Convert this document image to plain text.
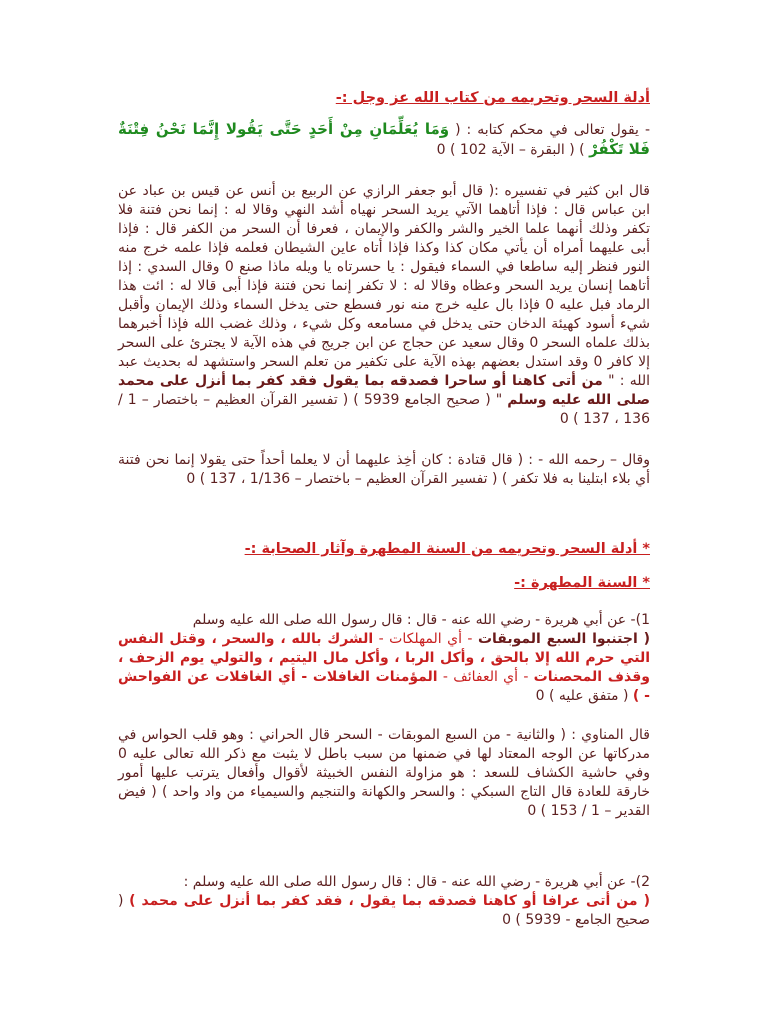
أدلة السحر وتحريمه من كتاب الله عز وجل :-

- يقول تعالى في محكم كتابه : ( وَمَا يُعَلِّمَانِ مِنْ أَحَدٍ حَتَّى يَقُولا إِنَّمَا نَحْنُ فِتْنَةٌ فَلا تَكْفُرْ ) ( البقرة – الآية 102 ) 0

قال ابن كثير في تفسيره :( قال أبو جعفر الرازي عن الربيع بن أنس عن قيس بن عباد عن ابن عباس قال : فإذا أتاهما الآتي يريد السحر نهياه أشد النهي وقالا له : إنما نحن فتنة فلا تكفر وذلك أنهما علما الخير والشر والكفر والإيمان ، فعرفا أن السحر من الكفر قال : فإذا أبى عليهما أمراه أن يأتي مكان كذا وكذا فإذا أتاه عاين الشيطان فعلمه فإذا علمه خرج منه النور فنظر إليه ساطعا في السماء فيقول : يا حسرتاه يا ويله ماذا صنع 0 وقال السدي : إذا أتاهما إنسان يريد السحر وعظاه وقالا له : لا تكفر إنما نحن فتنة فإذا أبى قالا له : ائت هذا الرماد فبل عليه 0 فإذا بال عليه خرج منه نور فسطع حتى يدخل السماء وذلك الإيمان وأقبل شيء أسود كهيئة الدخان حتى يدخل في مسامعه وكل شيء ، وذلك غضب الله فإذا أخبرهما بذلك علماه السحر 0 وقال سعيد عن حجاج عن ابن جريج في هذه الآية لا يجترئ على السحر إلا كافر 0 وقد استدل بعضهم بهذه الآية على تكفير من تعلم السحر واستشهد له بحديث عبد الله : " من أتى كاهنا أو ساحرا فصدقه بما يقول فقد كفر بما أنزل على محمد صلى الله عليه وسلم " ( صحيح الجامع 5939 ) ( تفسير القرآن العظيم – باختصار – 1 / 136 ، 137 ) 0

وقال – رحمه الله - : ( قال قتادة : كان أخِذ عليهما أن لا يعلما أحداً حتى يقولا إنما نحن فتنة أي بلاء ابتلينا به فلا تكفر ) ( تفسير القرآن العظيم – باختصار – 1/136 ، 137 ) 0

* أدلة السحر وتحريمه من السنة المطهرة وآثار الصحابة :-

* السنة المطهرة :-

1)- عن أبي هريرة - رضي الله عنه - قال : قال رسول الله صلى الله عليه وسلم
( اجتنبوا السبع الموبقات - أي المهلكات - الشرك بالله ، والسحر ، وقتل النفس التي حرم الله إلا بالحق ، وأكل الربا ، وأكل مال اليتيم ، والتولي يوم الزحف ، وقذف المحصنات - أي العفائف - المؤمنات الغافلات - أي الغافلات عن الفواحش - ) ( متفق عليه ) 0

قال المناوي : ( والثانية - من السبع الموبقات - السحر قال الحراني : وهو قلب الحواس في مدركاتها عن الوجه المعتاد لها في ضمنها من سبب باطل لا يثبت مع ذكر الله تعالى عليه 0 وفي حاشية الكشاف للسعد : هو مزاولة النفس الخبيثة لأقوال وأفعال يترتب عليها أمور خارقة للعادة قال التاج السبكي : والسحر والكهانة والتنجيم والسيمياء من واد واحد ) ( فيض القدير – 1 / 153 ) 0

2)- عن أبي هريرة - رضي الله عنه - قال : قال رسول الله صلى الله عليه وسلم :
( من أتى عرافا أو كاهنا فصدقه بما يقول ، فقد كفر بما أنزل على محمد ) ( صحيح الجامع - 5939 ) 0
